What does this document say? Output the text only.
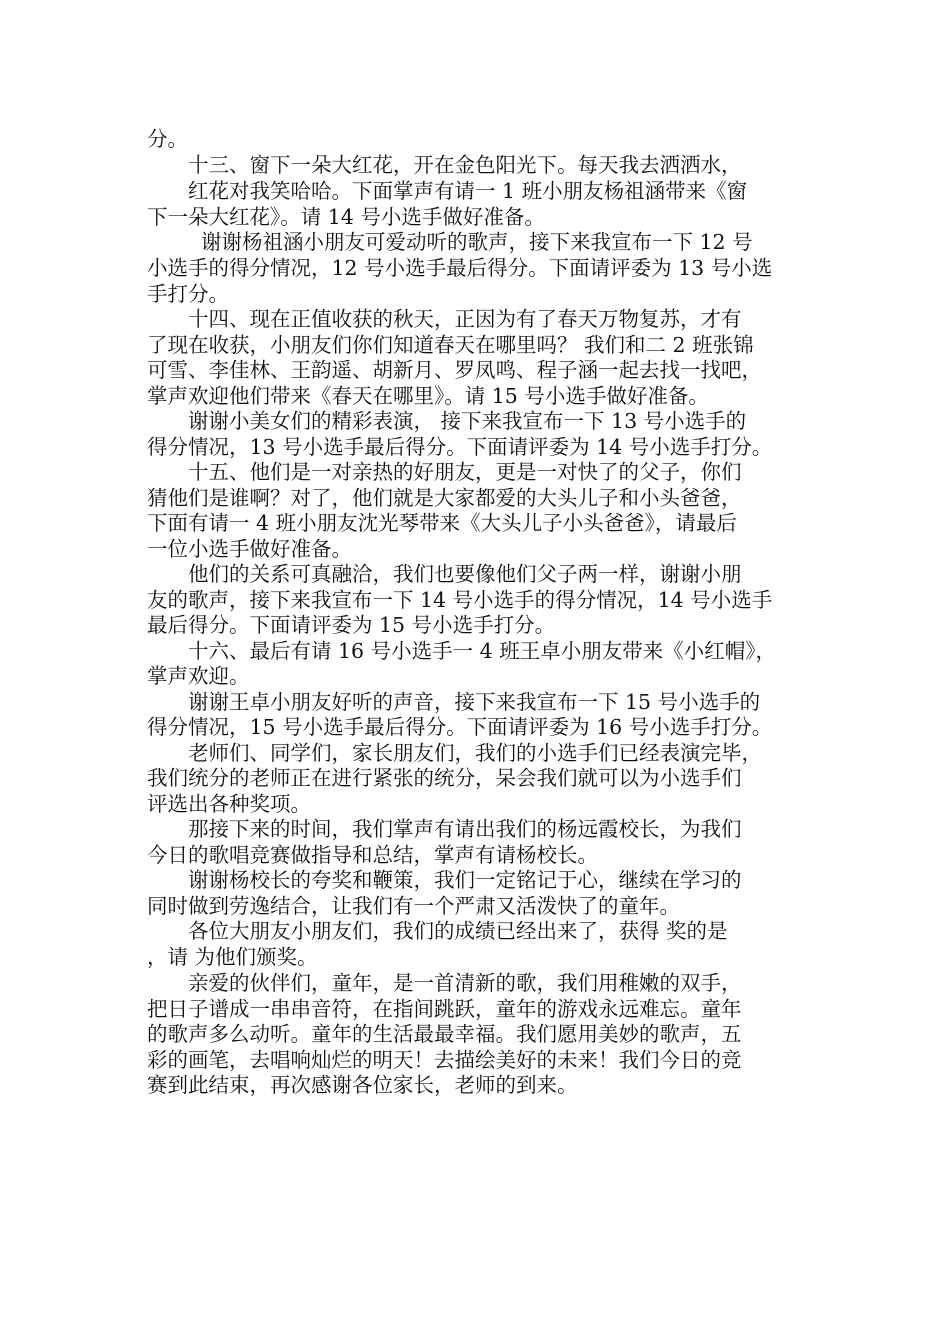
分。
十三、窗下一朵大红花，开在金色阳光下。每天我去洒洒水，
红花对我笑哈哈。下面掌声有请一 1 班小朋友杨祖涵带来《窗
下一朵大红花》。请 14 号小选手做好准备。
谢谢杨祖涵小朋友可爱动听的歌声，接下来我宣布一下 12 号
小选手的得分情况，12 号小选手最后得分。下面请评委为 13 号小选
手打分。
十四、现在正值收获的秋天，正因为有了春天万物复苏，才有
了现在收获，小朋友们你们知道春天在哪里吗？ 我们和二 2 班张锦
可雪、李佳林、王韵遥、胡新月、罗凤鸣、程子涵一起去找一找吧，
掌声欢迎他们带来《春天在哪里》。请 15 号小选手做好准备。
谢谢小美女们的精彩表演， 接下来我宣布一下 13 号小选手的
得分情况，13 号小选手最后得分。下面请评委为 14 号小选手打分。
十五、他们是一对亲热的好朋友，更是一对快了的父子，你们
猜他们是谁啊？对了，他们就是大家都爱的大头儿子和小头爸爸，
下面有请一 4 班小朋友沈光琴带来《大头儿子小头爸爸》，请最后
一位小选手做好准备。
他们的关系可真融洽，我们也要像他们父子两一样，谢谢小朋
友的歌声，接下来我宣布一下 14 号小选手的得分情况，14 号小选手
最后得分。下面请评委为 15 号小选手打分。
十六、最后有请 16 号小选手一 4 班王卓小朋友带来《小红帽》，
掌声欢迎。
谢谢王卓小朋友好听的声音，接下来我宣布一下 15 号小选手的
得分情况，15 号小选手最后得分。下面请评委为 16 号小选手打分。
老师们、同学们，家长朋友们，我们的小选手们已经表演完毕，
我们统分的老师正在进行紧张的统分，呆会我们就可以为小选手们
评选出各种奖项。
那接下来的时间，我们掌声有请出我们的杨远霞校长，为我们
今日的歌唱竞赛做指导和总结，掌声有请杨校长。
谢谢杨校长的夸奖和鞭策，我们一定铭记于心，继续在学习的
同时做到劳逸结合，让我们有一个严肃又活泼快了的童年。
各位大朋友小朋友们，我们的成绩已经出来了，获得 奖的是
，请 为他们颁奖。
亲爱的伙伴们，童年，是一首清新的歌，我们用稚嫩的双手，
把日子谱成一串串音符，在指间跳跃，童年的游戏永远难忘。童年
的歌声多么动听。童年的生活最最幸福。我们愿用美妙的歌声，五
彩的画笔，去唱响灿烂的明天！去描绘美好的未来！我们今日的竞
赛到此结束，再次感谢各位家长，老师的到来。
